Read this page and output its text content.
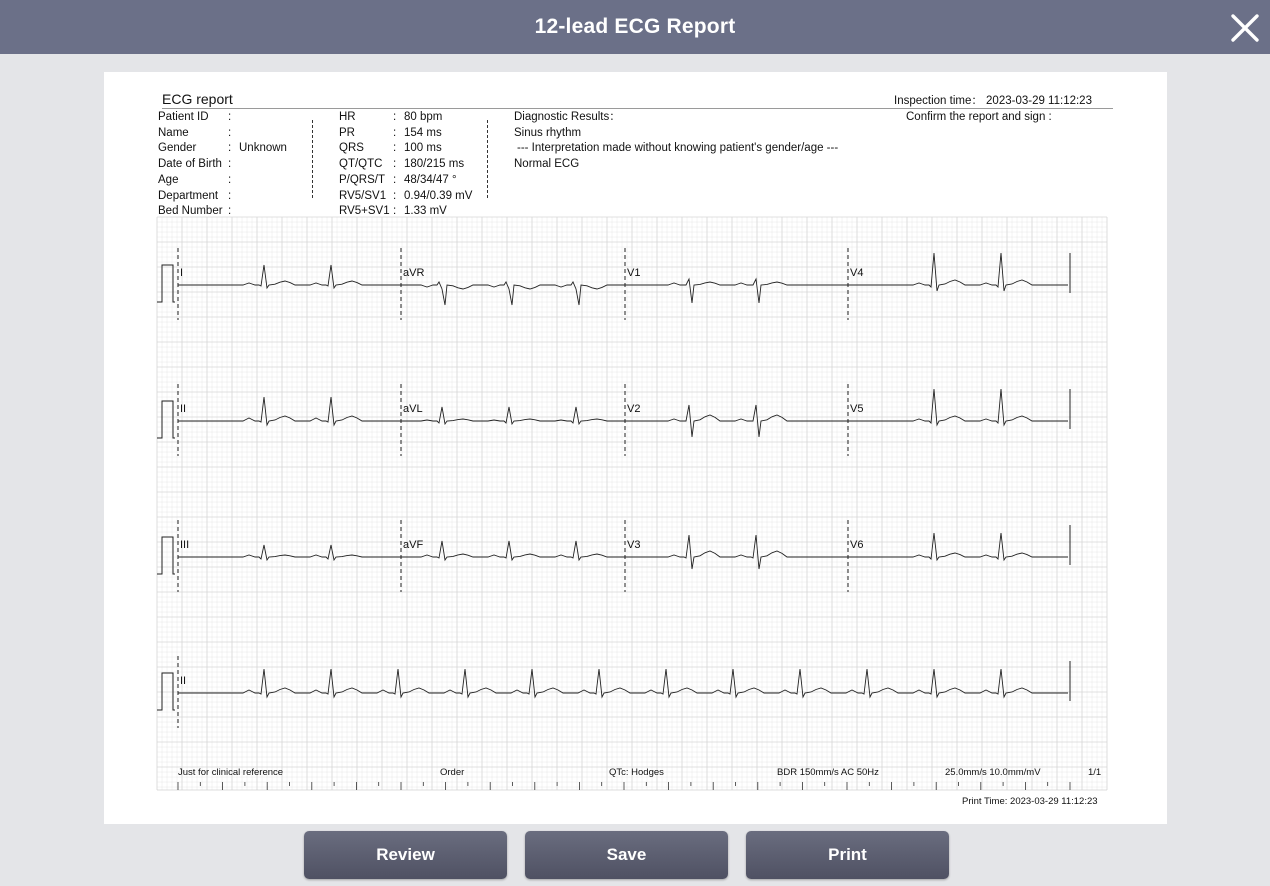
12-lead ECG Report
ECG report	Inspection time： 2023-03-29 11:12:23
Confirm the report and sign :
Patient ID :
Name	:
Gender	: Unknown
Date of Birth :
Age	:
Department :
Bed Number :
HR	: 80 bpm
PR	: 154 ms
QRS	: 100 ms
QT/QTC : 180/215 ms
P/QRS/T : 48/34/47 °
RV5/SV1 : 0.94/0.39 mV
RV5+SV1 : 1.33 mV
Diagnostic Results：
Sinus rhythm
--- Interpretation made without knowing patient's gender/age ---
Normal ECG
I	aVR	V1	V4
II	aVL	V2	V5
III	aVF	V3	V6
II
Just for clinical reference	Order	QTc: Hodges	BDR 150mm/s AC 50Hz	25.0mm/s 10.0mm/mV	1/1
Print Time: 2023-03-29 11:12:23
Review	Save	Print
